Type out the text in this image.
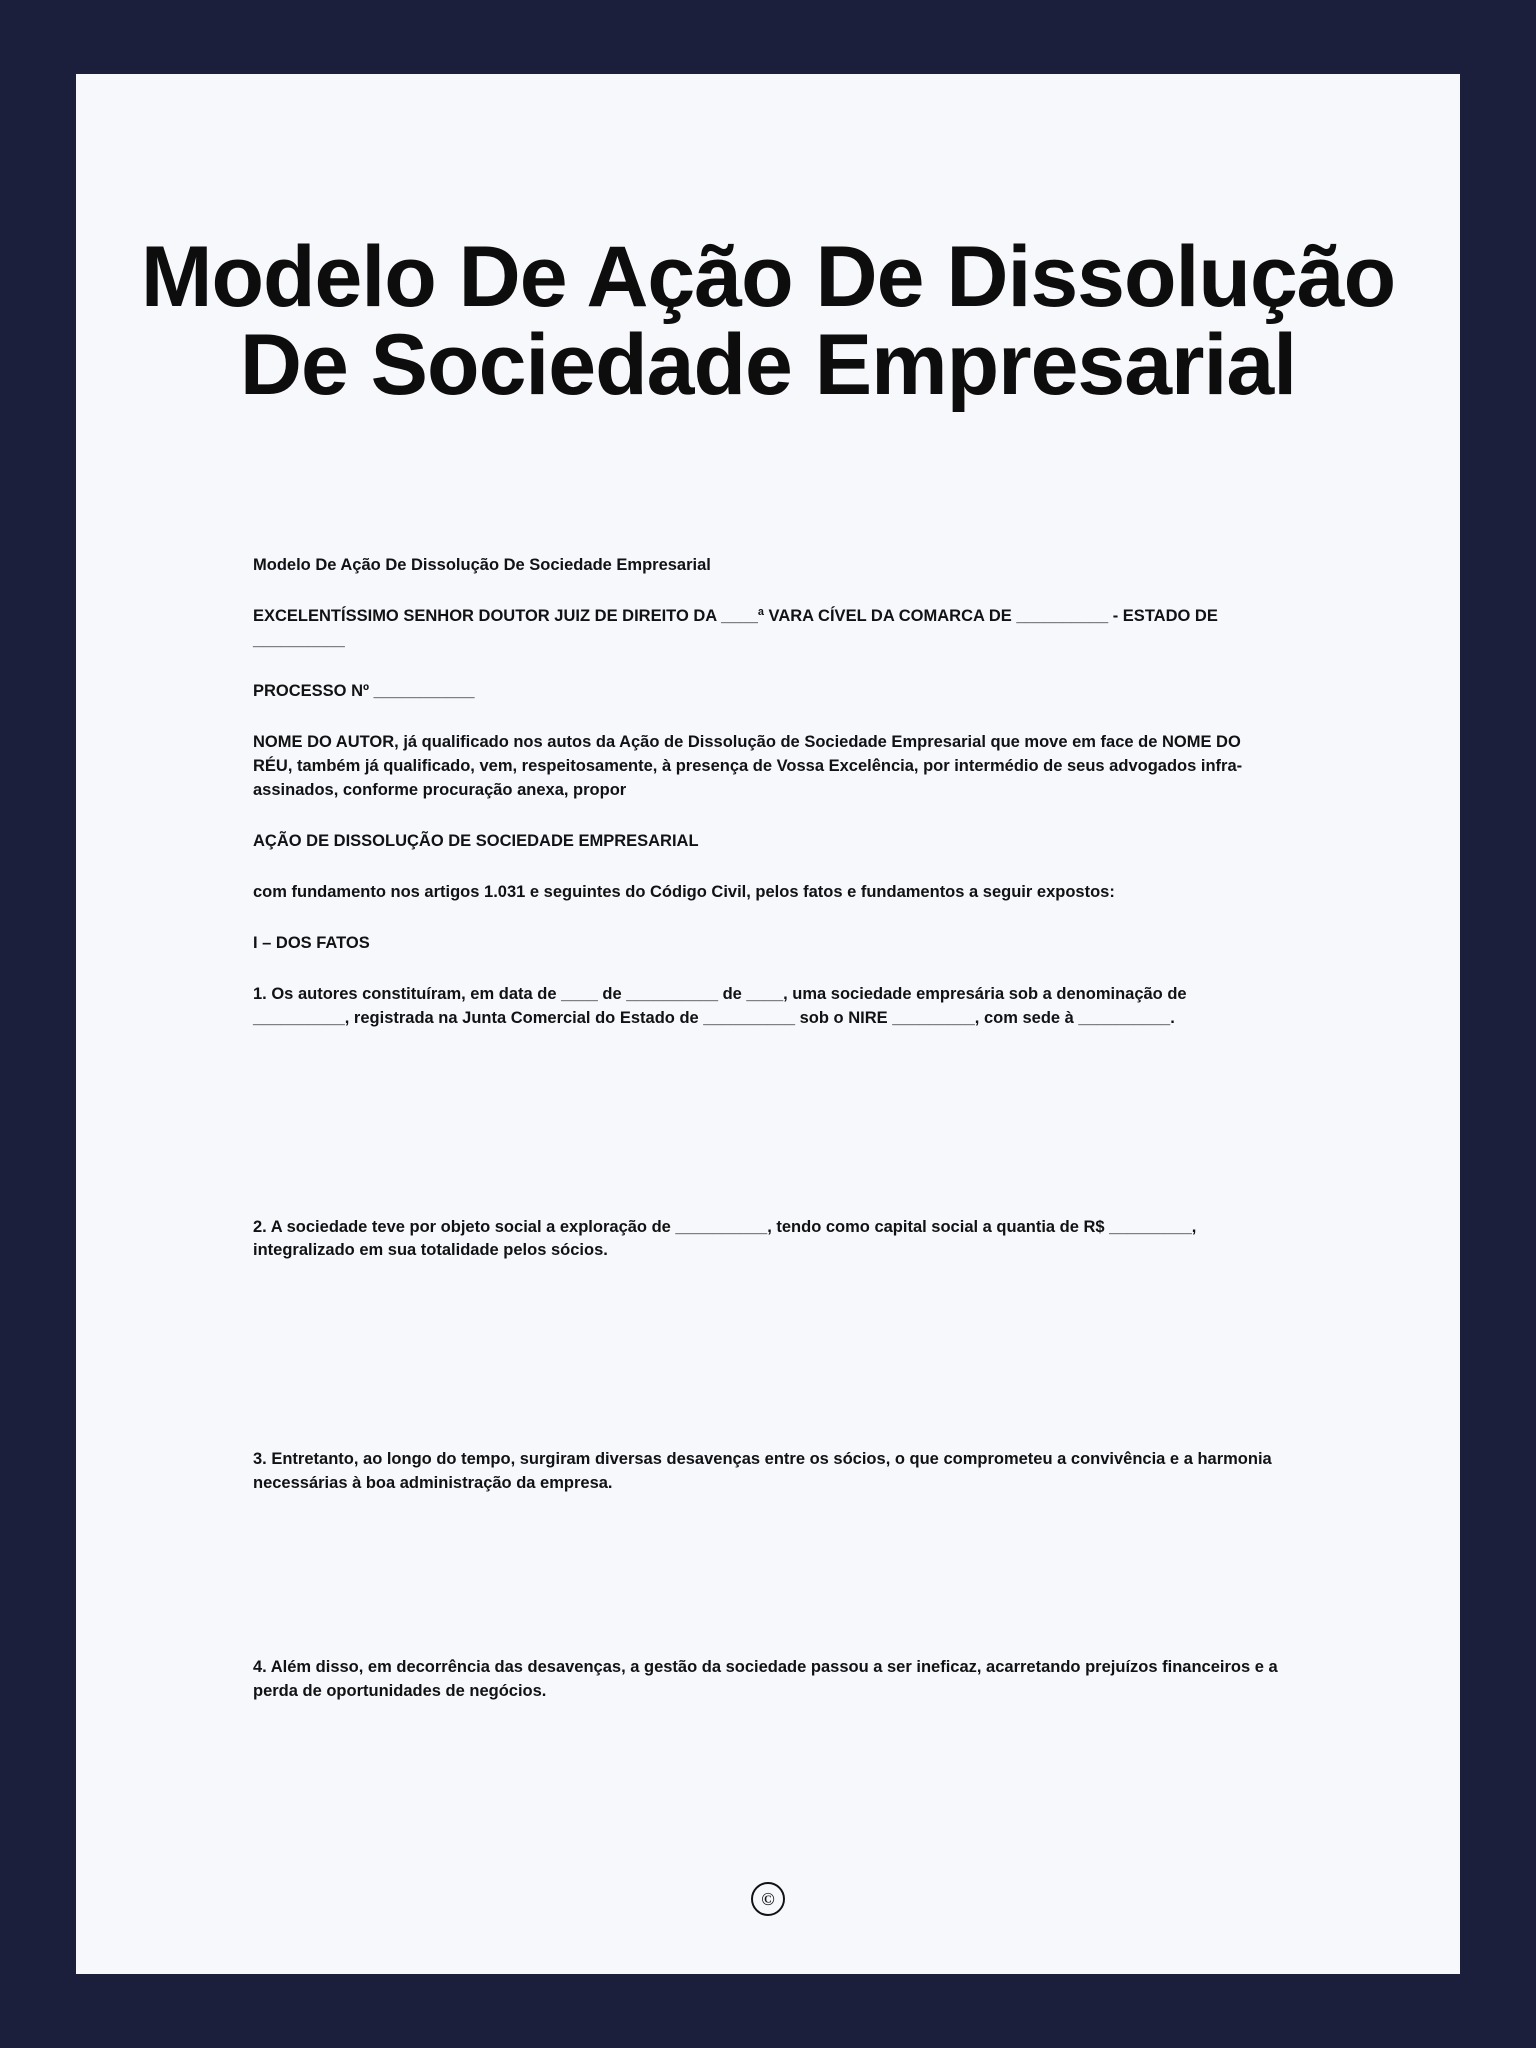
Modelo De Ação De Dissolução De Sociedade Empresarial

Modelo De Ação De Dissolução De Sociedade Empresarial

EXCELENTÍSSIMO SENHOR DOUTOR JUIZ DE DIREITO DA ____ª VARA CÍVEL DA COMARCA DE __________ - ESTADO DE __________

PROCESSO Nº ___________

NOME DO AUTOR, já qualificado nos autos da Ação de Dissolução de Sociedade Empresarial que move em face de NOME DO RÉU, também já qualificado, vem, respeitosamente, à presença de Vossa Excelência, por intermédio de seus advogados infra-assinados, conforme procuração anexa, propor

AÇÃO DE DISSOLUÇÃO DE SOCIEDADE EMPRESARIAL

com fundamento nos artigos 1.031 e seguintes do Código Civil, pelos fatos e fundamentos a seguir expostos:

I – DOS FATOS

1. Os autores constituíram, em data de ____ de __________ de ____, uma sociedade empresária sob a denominação de __________, registrada na Junta Comercial do Estado de __________ sob o NIRE _________, com sede à __________.

2. A sociedade teve por objeto social a exploração de __________, tendo como capital social a quantia de R$ _________, integralizado em sua totalidade pelos sócios.

3. Entretanto, ao longo do tempo, surgiram diversas desavenças entre os sócios, o que comprometeu a convivência e a harmonia necessárias à boa administração da empresa.

4. Além disso, em decorrência das desavenças, a gestão da sociedade passou a ser ineficaz, acarretando prejuízos financeiros e a perda de oportunidades de negócios.

©
